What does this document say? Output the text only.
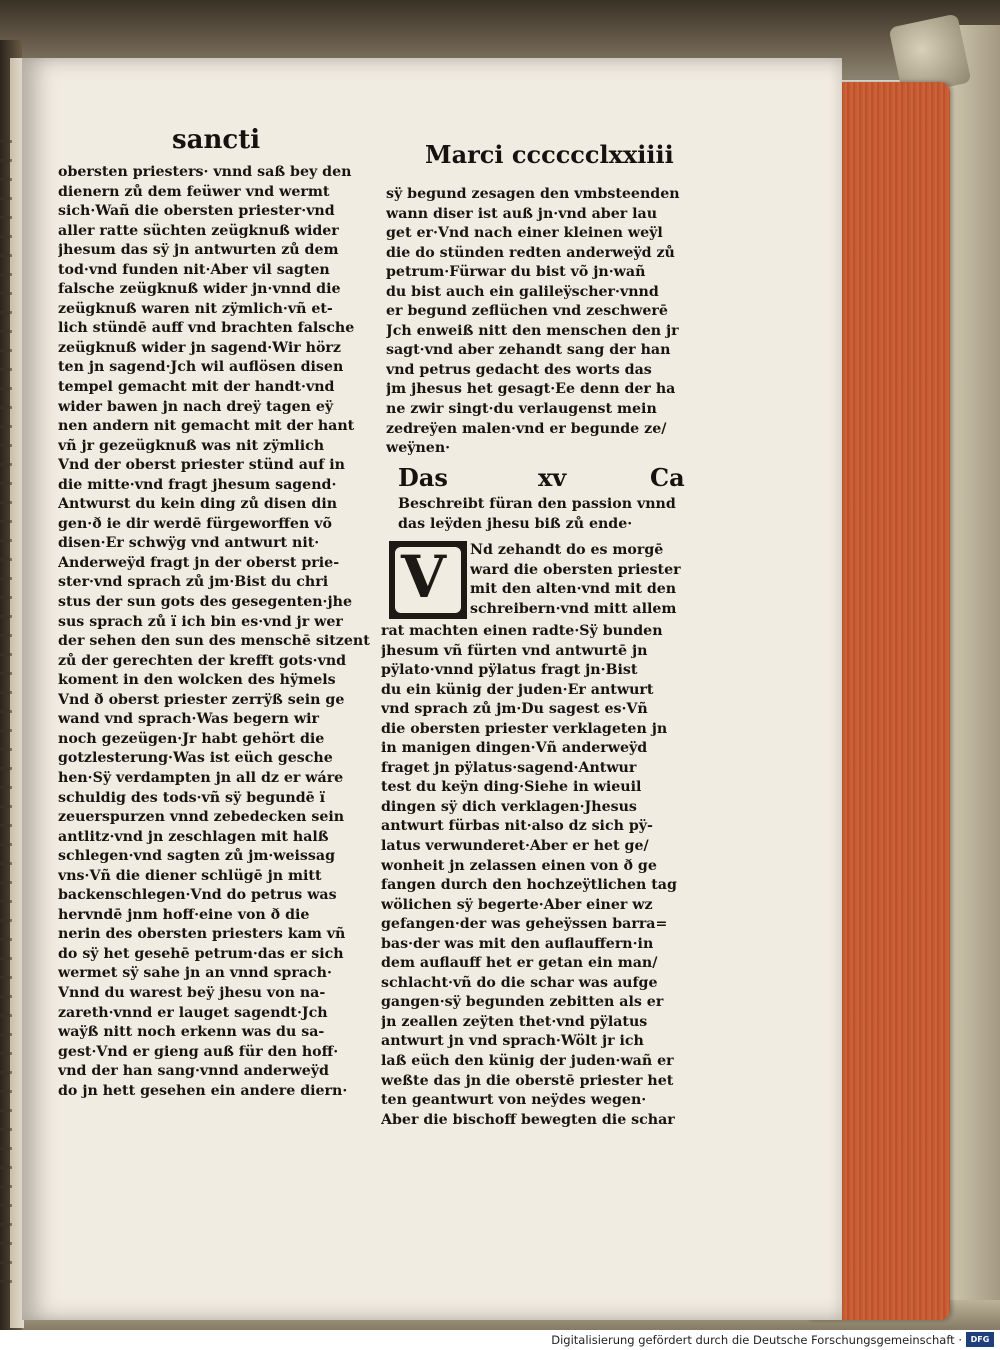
sancti	Marci cccccclxxiiii
obersten priesters· vnnd saß bey den
dienern zů dem feüwer vnd wermt
sich·Wañ die obersten priester·vnd
aller ratte süchten zeügknuß wider
jhesum das sÿ jn antwurten zů dem
tod·vnd funden nit·Aber vil sagten
falsche zeügknuß wider jn·vnnd die
zeügknuß waren nit zÿmlich·vñ et-
lich stündē auff vnd brachten falsche
zeügknuß wider jn sagend·Wir hörz
ten jn sagend·Jch wil auflösen disen
tempel gemacht mit der handt·vnd
wider bawen jn nach dreÿ tagen eÿ
nen andern nit gemacht mit der hant
vñ jr gezeügknuß was nit zÿmlich
Vnd der oberst priester stünd auf in
die mitte·vnd fragt jhesum sagend·
Antwurst du kein ding zů disen din
gen·ð ie dir werdē fürgeworffen võ
disen·Er schwÿg vnd antwurt nit·
Anderweÿd fragt jn der oberst prie-
ster·vnd sprach zů jm·Bist du chri
stus der sun gots des gesegenten·jhe
sus sprach zů ï ich bin es·vnd jr wer
der sehen den sun des menschē sitzent
zů der gerechten der krefft gots·vnd
koment in den wolcken des hÿmels
Vnd ð oberst priester zerrÿß sein ge
wand vnd sprach·Was begern wir
noch gezeügen·Jr habt gehört die
gotzlesterung·Was ist eüch gesche
hen·Sÿ verdampten jn all dz er wáre
schuldig des tods·vñ sÿ begundē ï
zeuerspurzen vnnd zebedecken sein
antlitz·vnd jn zeschlagen mit halß
schlegen·vnd sagten zů jm·weissag
vns·Vñ die diener schlügē jn mitt
backenschlegen·Vnd do petrus was
hervndē jnm hoff·eine von ð die
nerin des obersten priesters kam vñ
do sÿ het gesehē petrum·das er sich
wermet sÿ sahe jn an vnnd sprach·
Vnnd du warest beÿ jhesu von na-
zareth·vnnd er lauget sagendt·Jch
waÿß nitt noch erkenn was du sa-
gest·Vnd er gieng auß für den hoff·
vnd der han sang·vnnd anderweÿd
do jn hett gesehen ein andere diern·
sÿ begund zesagen den vmbsteenden
wann diser ist auß jn·vnd aber lau
get er·Vnd nach einer kleinen weÿl
die do stünden redten anderweÿd zů
petrum·Fürwar du bist võ jn·wañ
du bist auch ein galileÿscher·vnnd
er begund zeflüchen vnd zeschwerē
Jch enweiß nitt den menschen den jr
sagt·vnd aber zehandt sang der han
vnd petrus gedacht des worts das
jm jhesus het gesagt·Ee denn der ha
ne zwir singt·du verlaugenst mein
zedreÿen malen·vnd er begunde ze/
weÿnen·
Das	xv	Ca
Beschreibt füran den passion vnnd
das leÿden jhesu biß zů ende·
V Nd zehandt do es morgē
ward die obersten priester
mit den alten·vnd mit den
schreibern·vnd mitt allem
rat machten einen radte·Sÿ bunden
jhesum vñ fürten vnd antwurtē jn
pÿlato·vnnd pÿlatus fragt jn·Bist
du ein künig der juden·Er antwurt
vnd sprach zů jm·Du sagest es·Vñ
die obersten priester verklageten jn
in manigen dingen·Vñ anderweÿd
fraget jn pÿlatus·sagend·Antwur
test du keÿn ding·Siehe in wieuil
dingen sÿ dich verklagen·Jhesus
antwurt fürbas nit·also dz sich pÿ-
latus verwunderet·Aber er het ge/
wonheit jn zelassen einen von ð ge
fangen durch den hochzeÿtlichen tag
wölichen sÿ begerte·Aber einer wz
gefangen·der was geheÿssen barra=
bas·der was mit den auflauffern·in
dem auflauff het er getan ein man/
schlacht·vñ do die schar was aufge
gangen·sÿ begunden zebitten als er
jn zeallen zeÿten thet·vnd pÿlatus
antwurt jn vnd sprach·Wölt jr ich
laß eüch den künig der juden·wañ er
weßte das jn die oberstē priester het
ten geantwurt von neÿdes wegen·
Aber die bischoff bewegten die schar
Digitalisierung gefördert durch die Deutsche Forschungsgemeinschaft ·	DFG
